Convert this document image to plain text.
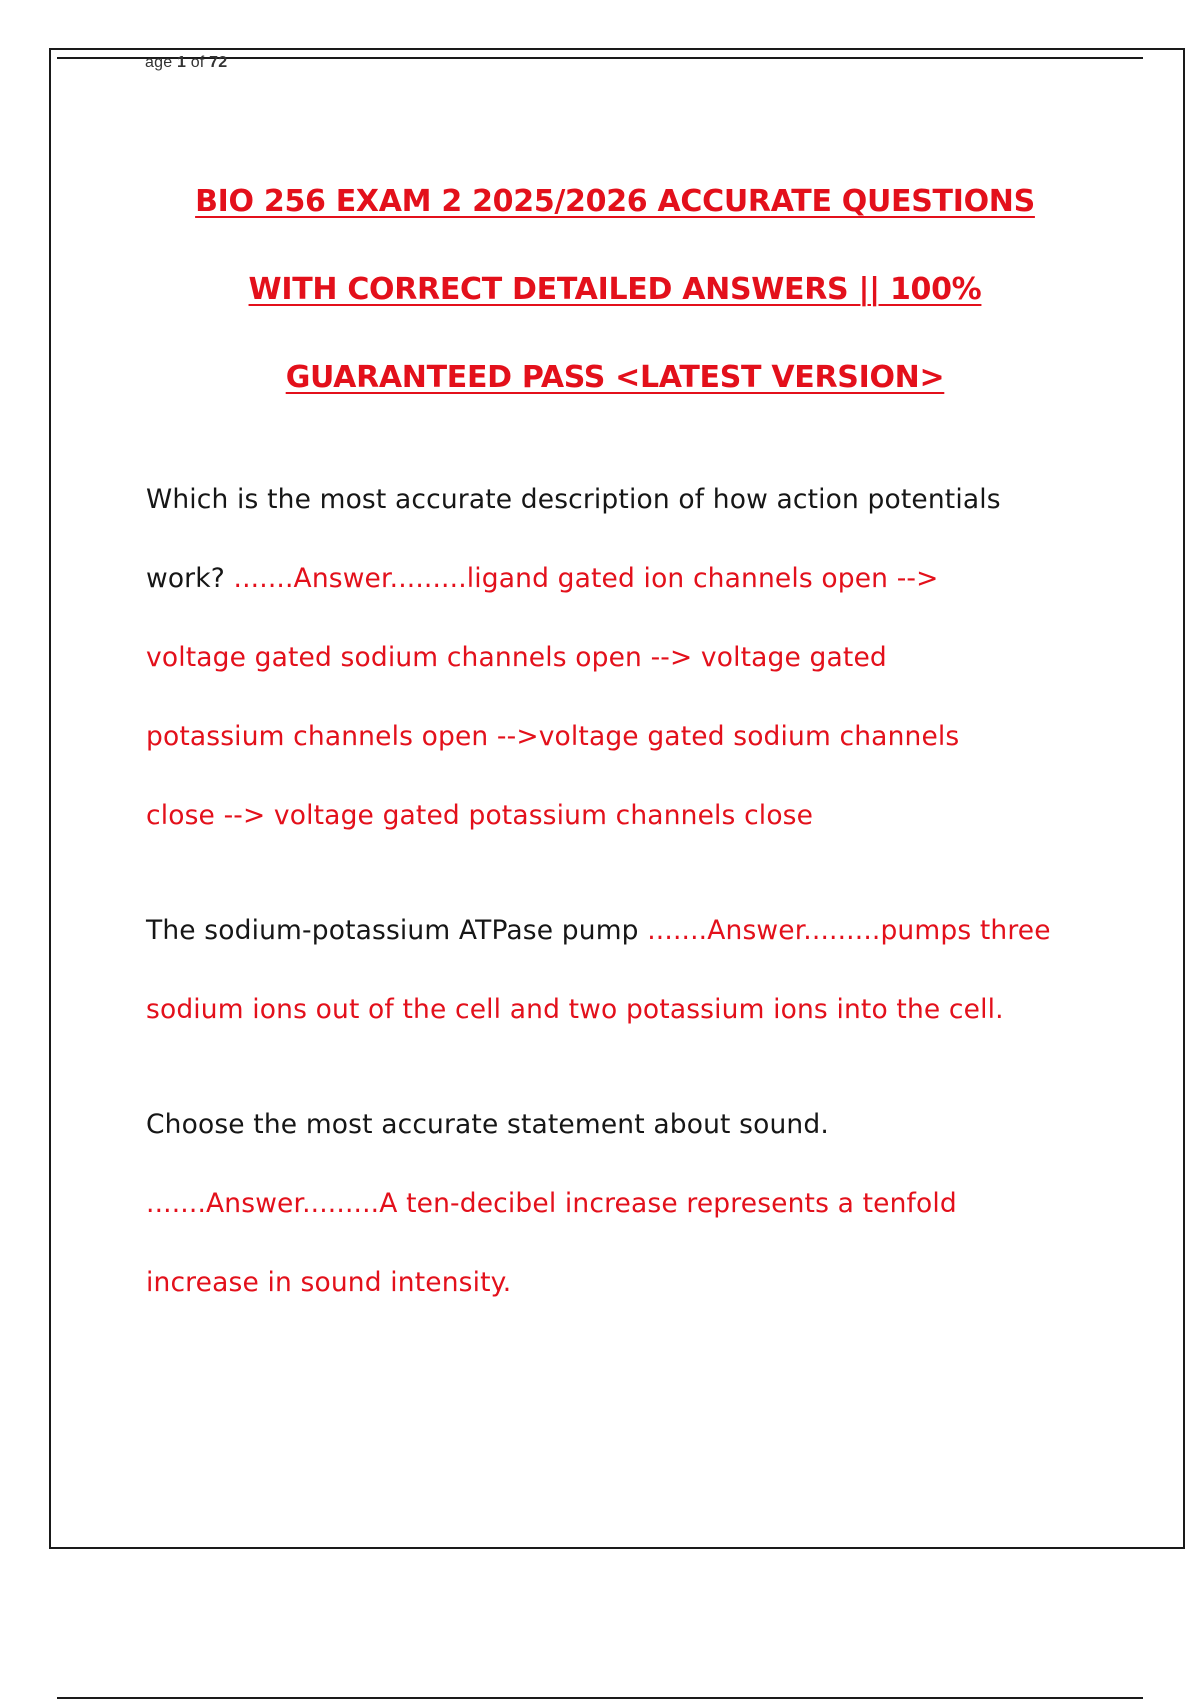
age 1 of 72
BIO 256 EXAM 2 2025/2026 ACCURATE QUESTIONS
WITH CORRECT DETAILED ANSWERS || 100%
GUARANTEED PASS <LATEST VERSION>
Which is the most accurate description of how action potentials
work? .......Answer.........ligand gated ion channels open -->
voltage gated sodium channels open --> voltage gated
potassium channels open -->voltage gated sodium channels
close --> voltage gated potassium channels close
The sodium-potassium ATPase pump .......Answer.........pumps three
sodium ions out of the cell and two potassium ions into the cell.
Choose the most accurate statement about sound.
.......Answer.........A ten-decibel increase represents a tenfold
increase in sound intensity.
